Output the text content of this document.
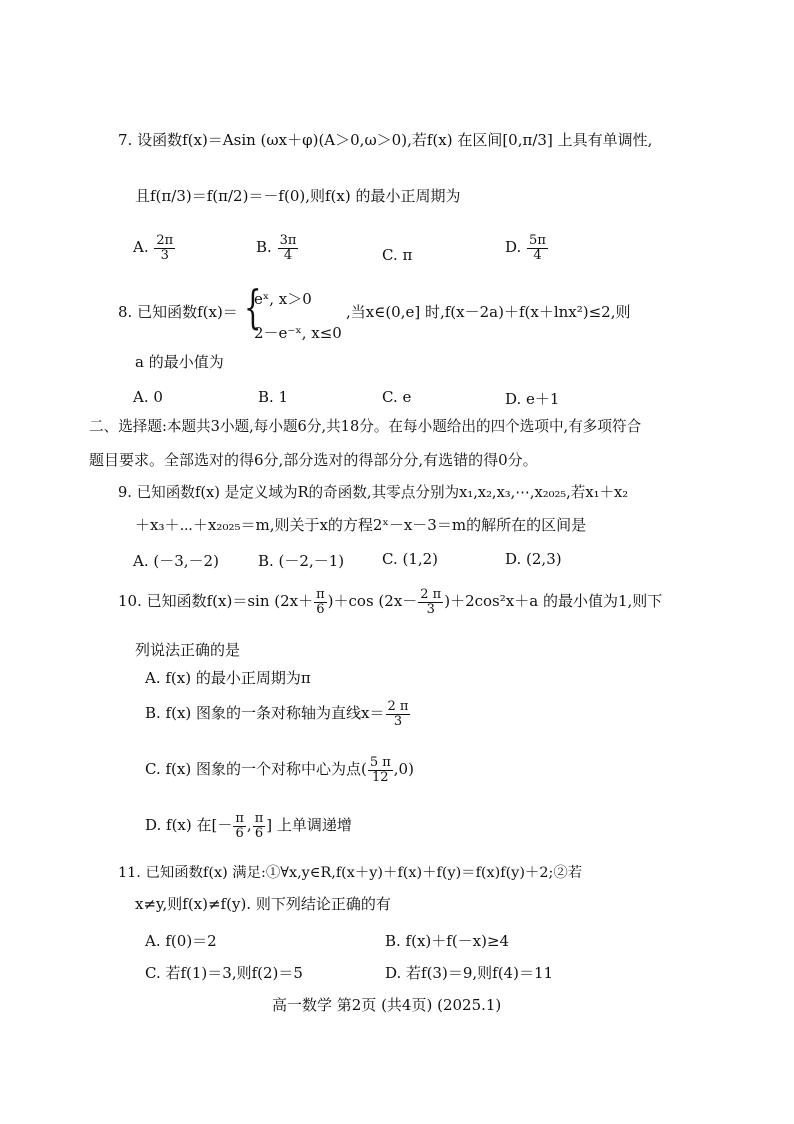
7. 设函数f(x)＝Asin (ωx＋φ)(A＞0,ω＞0),若f(x) 在区间[0,π/3] 上具有单调性,
且f(π/3)＝f(π/2)＝－f(0),则f(x) 的最小正周期为
A. $\frac{2\pi}{3}$	B. $\frac{3\pi}{4}$	C. π	D. $\frac{5\pi}{4}$
8. 已知函数f(x)＝ {
eˣ, x＞0
2－e⁻ˣ, x≤0
,当x∈(0,e] 时,f(x－2a)＋f(x＋lnx²)≤2,则
a 的最小值为
A. 0	B. 1	C. e	D. e＋1
二、选择题:本题共3小题,每小题6分,共18分。在每小题给出的四个选项中,有多项符合
题目要求。全部选对的得6分,部分选对的得部分分,有选错的得0分。
9. 已知函数f(x) 是定义域为R的奇函数,其零点分别为x₁,x₂,x₃,⋯,x₂₀₂₅,若x₁＋x₂
＋x₃＋⋯＋x₂₀₂₅＝m,则关于x的方程2ˣ－x－3＝m的解所在的区间是
A. (－3,－2)	B. (－2,－1)	C. (1,2)	D. (2,3)
10. 已知函数f(x)＝sin $(2x+ \frac{\pi}{6} )+\cos$ $(2x- \frac{2 \pi}{3} )+2\cos^2x+a$ 的最小值为1,则下
列说法正确的是
A. f(x) 的最小正周期为π
B. f(x) 图象的一条对称轴为直线$x= \frac{2 \pi}{3}$
C. f(x) 图象的一个对称中心为点( $\frac{5 \pi}{12} ,0$)
D. f(x) 在[－ $\frac{\pi}{6}$ , $\frac{\pi}{6}$ ] 上单调递增
11. 已知函数f(x) 满足:①∀x,y∈R,f(x＋y)＋f(x)＋f(y)＝f(x)f(y)＋2;②若
x≠y,则f(x)≠f(y). 则下列结论正确的有
A. f(0)＝2	B. f(x)＋f(－x)≥4
C. 若f(1)＝3,则f(2)＝5	D. 若f(3)＝9,则f(4)＝11
高一数学 第2页 (共4页) (2025.1)
